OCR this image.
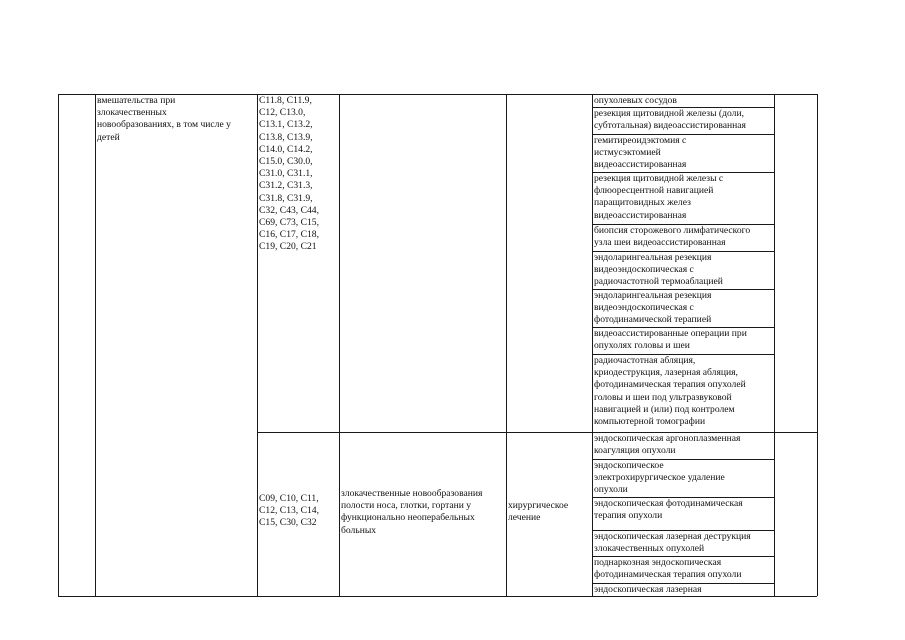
вмешательства при
злокачественных
новообразованиях, в том числе у
детей
C11.8, C11.9,
C12, C13.0,
C13.1, C13.2,
C13.8, C13.9,
C14.0, C14.2,
C15.0, C30.0,
C31.0, C31.1,
C31.2, C31.3,
C31.8, C31.9,
C32, C43, C44,
C69, C73, C15,
C16, C17, C18,
C19, C20, C21
опухолевых сосудов
резекция щитовидной железы (доли,
субтотальная) видеоассистированная
гемитиреоидэктомия с
истмусэктомией
видеоассистированная
резекция щитовидной железы с
флюоресцентной навигацией
паращитовидных желез
видеоассистированная
биопсия сторожевого лимфатического
узла шеи видеоассистированная
эндоларингеальная резекция
видеоэндоскопическая с
радиочастотной термоаблацией
эндоларингеальная резекция
видеоэндоскопическая с
фотодинамической терапией
видеоассистированные операции при
опухолях головы и шеи
радиочастотная абляция,
криодеструкция, лазерная абляция,
фотодинамическая терапия опухолей
головы и шеи под ультразвуковой
навигацией и (или) под контролем
компьютерной томографии
C09, C10, C11,
C12, C13, C14,
C15, C30, C32
злокачественные новообразования
полости носа, глотки, гортани у
функционально неоперабельных
больных
хирургическое
лечение
эндоскопическая аргоноплазменная
коагуляция опухоли
эндоскопическое
электрохирургическое удаление
опухоли
эндоскопическая фотодинамическая
терапия опухоли
эндоскопическая лазерная деструкция
злокачественных опухолей
поднаркозная эндоскопическая
фотодинамическая терапия опухоли
эндоскопическая лазерная
